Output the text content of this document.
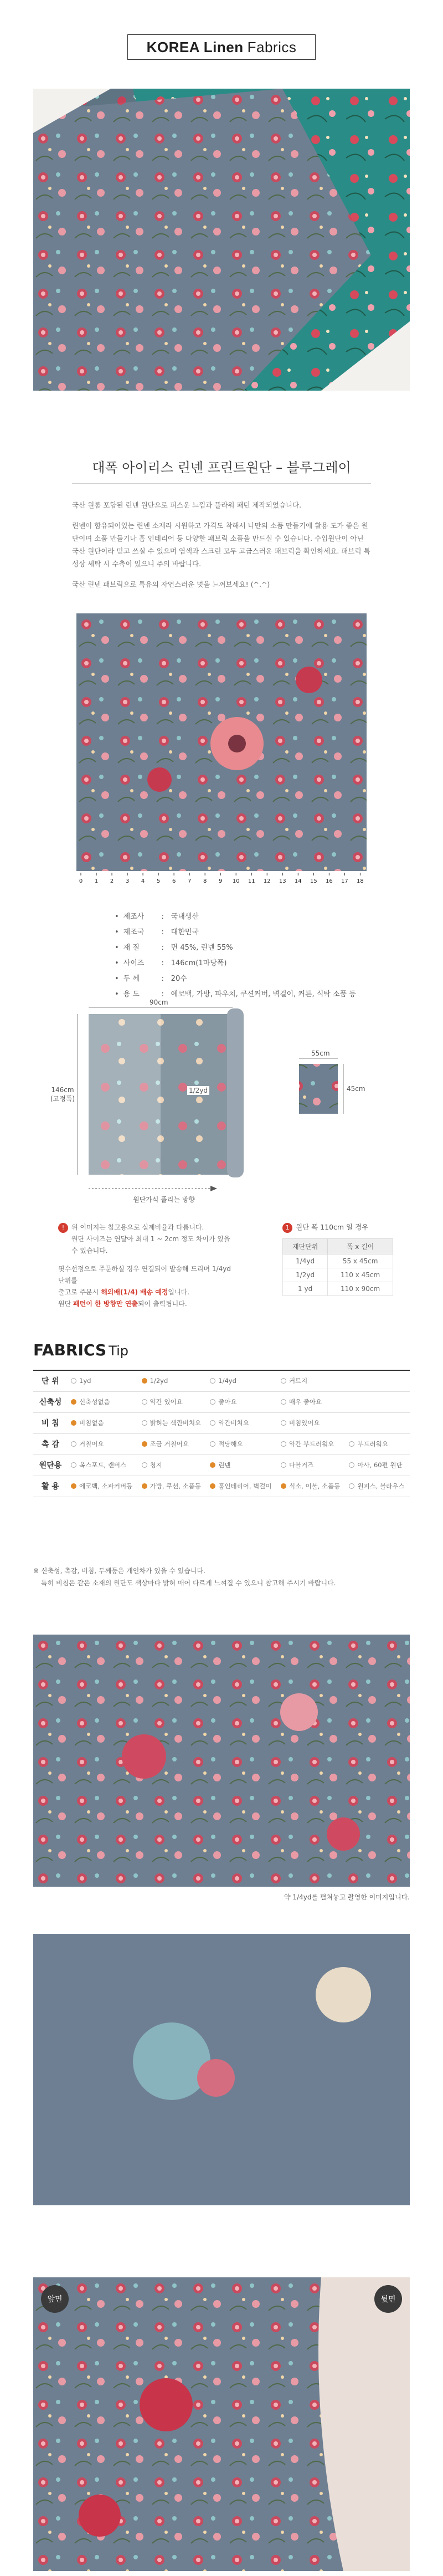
KOREA Linen Fabrics
대폭 아이리스 린넨 프린트원단 – 블루그레이

국산 원룸 포함된 린넨 원단으로 피스운 느낌과 플라워 패턴 제작되었습니다.

린넨이 함유되어있는 린넨 소재라 시원하고 가격도 착해서 나만의 소품 만들기에 활용 도가 좋은 원단이며 소품 만들기나 홈 인테리어 등 다양한 패브릭 소품을 만드실 수 있습니다. 수입원단이 아닌 국산 원단이라 믿고 쓰실 수 있으며 염색과 스크린 모두 고급스러운 패브릭을 확인하세요. 패브릭 특성상 세탁 시 수축이 있으니 주의 바랍니다.

국산 린넨 패브릭으로 특유의 자연스러운 멋을 느껴보세요! (^.^)

0 1 2 3 4 5 6 7 8 9 10 11 12 13 14 15 16 17 18
•	제조사	:	국내생산
•	제조국	:	대한민국
•	재 질	:	면 45%, 린넨 55%
•	사이즈	:	146cm(1마당폭)
•	두 께	:	20수
•	용 도	:	에코백, 가방, 파우치, 쿠션커버, 벽걸이, 커튼, 식탁 소품 등
90cm
146cm (고정폭)
1/2yd
원단가식 풀리는 방향
55cm
45cm
! 위 이미지는 참고용으로 실제비율과 다릅니다.
원단 사이즈는 연달아 최대 1 ~ 2cm 정도 차이가 있을 수 있습니다.
핏수선정으로 주문하실 경우 연결되어 발송해 드리며 1/4yd 단위를
출고로 주문시 해외배(1/4) 배송 예정입니다.
원단 패턴이 한 방향만 연출되어 출력됩니다.
1 원단 폭 110cm 일 경우
재단단위	폭 x 길이
1/4yd	55 x 45cm
1/2yd	110 x 45cm
1 yd	110 x 90cm
FABRICS Tip
단 위	1yd	1/2yd	1/4yd	커트지	
신축성	신축성없음	약간 있어요	좋아요	매우 좋아요	
비 침	비침없음	밝혀는 색깐비쳐요	약간비쳐요	비침있어요	
촉 감	거칠어요	조금 거칠어요	적당해요	약간 부드러워요	부드러워요
원단용	옥스포드, 캔버스	청지	린넨	다블거즈	아사, 60편 원단
활 용	에코백, 소파커버등	가방, 쿠션, 소품등	홈인테리어, 벽걸이	식소, 이불, 소품등	원피스, 블라우스
※ 신축성, 촉감, 비침, 두께등은 개인차가 있을 수 있습니다.
특히 비침은 같은 소재의 원단도 색상마다 밝혀 매어 다르게 느껴질 수 있으니 참고해 주시기 바랍니다.
약 1/4yd를 펼쳐놓고 촬영한 이미지입니다.
앞면	뒷면
